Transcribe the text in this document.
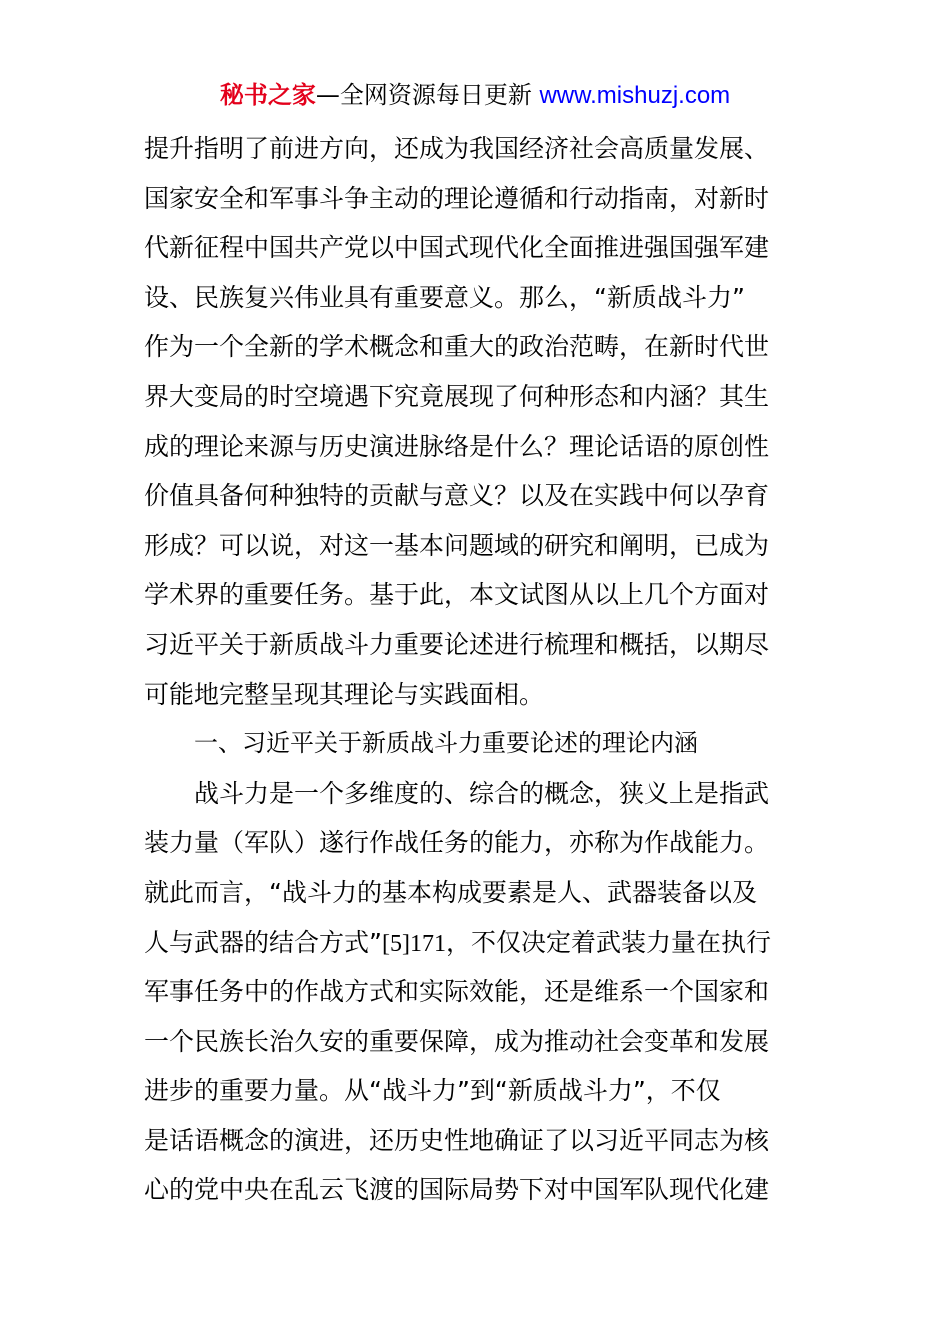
秘书之家—全网资源每日更新 www.mishuzj.com
提升指明了前进方向，还成为我国经济社会高质量发展、
国家安全和军事斗争主动的理论遵循和行动指南，对新时
代新征程中国共产党以中国式现代化全面推进强国强军建
设、民族复兴伟业具有重要意义。那么，“新质战斗力”
作为一个全新的学术概念和重大的政治范畴，在新时代世
界大变局的时空境遇下究竟展现了何种形态和内涵？其生
成的理论来源与历史演进脉络是什么？理论话语的原创性
价值具备何种独特的贡献与意义？以及在实践中何以孕育
形成？可以说，对这一基本问题域的研究和阐明，已成为
学术界的重要任务。基于此，本文试图从以上几个方面对
习近平关于新质战斗力重要论述进行梳理和概括，以期尽
可能地完整呈现其理论与实践面相。
一、习近平关于新质战斗力重要论述的理论内涵
战斗力是一个多维度的、综合的概念，狭义上是指武
装力量（军队）遂行作战任务的能力，亦称为作战能力。
就此而言，“战斗力的基本构成要素是人、武器装备以及
人与武器的结合方式”[5]171，不仅决定着武装力量在执行
军事任务中的作战方式和实际效能，还是维系一个国家和
一个民族长治久安的重要保障，成为推动社会变革和发展
进步的重要力量。从“战斗力”到“新质战斗力”，不仅
是话语概念的演进，还历史性地确证了以习近平同志为核
心的党中央在乱云飞渡的国际局势下对中国军队现代化建
